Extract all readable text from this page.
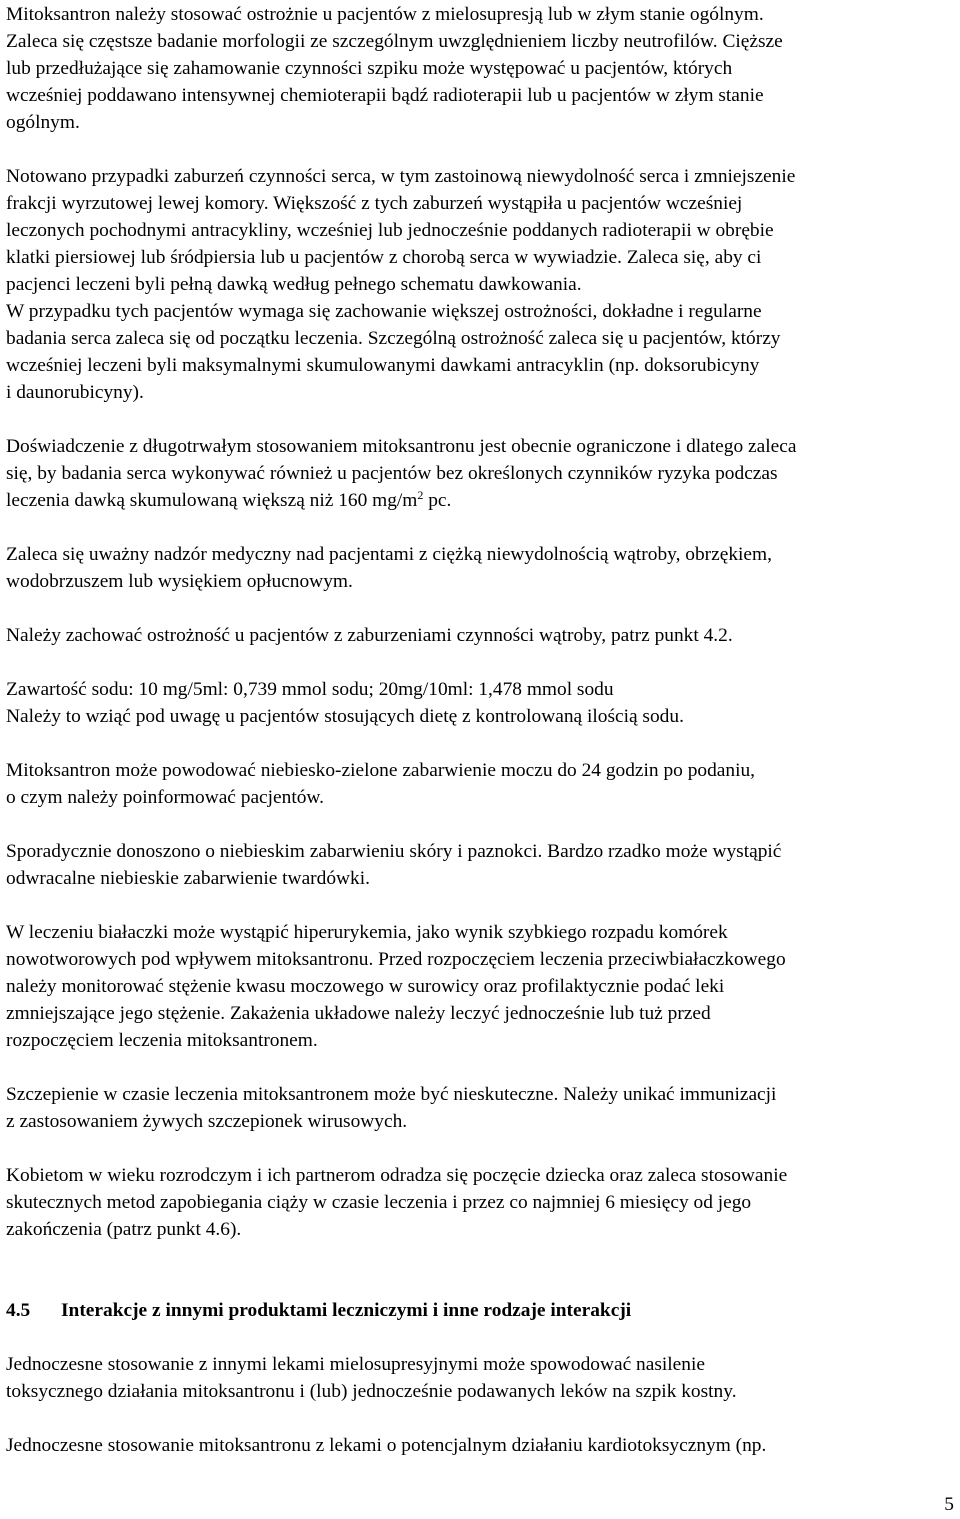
Mitoksantron należy stosować ostrożnie u pacjentów z mielosupresją lub w złym stanie ogólnym.
Zaleca się częstsze badanie morfologii ze szczególnym uwzględnieniem liczby neutrofilów. Cięższe
lub przedłużające się zahamowanie czynności szpiku może występować u pacjentów, których
wcześniej poddawano intensywnej chemioterapii bądź radioterapii lub u pacjentów w złym stanie
ogólnym.

Notowano przypadki zaburzeń czynności serca, w tym zastoinową niewydolność serca i zmniejszenie
frakcji wyrzutowej lewej komory. Większość z tych zaburzeń wystąpiła u pacjentów wcześniej
leczonych pochodnymi antracykliny, wcześniej lub jednocześnie poddanych radioterapii w obrębie
klatki piersiowej lub śródpiersia lub u pacjentów z chorobą serca w wywiadzie. Zaleca się, aby ci
pacjenci leczeni byli pełną dawką według pełnego schematu dawkowania.
W przypadku tych pacjentów wymaga się zachowanie większej ostrożności, dokładne i regularne
badania serca zaleca się od początku leczenia. Szczególną ostrożność zaleca się u pacjentów, którzy
wcześniej leczeni byli maksymalnymi skumulowanymi dawkami antracyklin (np. doksorubicyny
i daunorubicyny).

Doświadczenie z długotrwałym stosowaniem mitoksantronu jest obecnie ograniczone i dlatego zaleca
się, by badania serca wykonywać również u pacjentów bez określonych czynników ryzyka podczas
leczenia dawką skumulowaną większą niż 160 $mg/m^2$ pc.

Zaleca się uważny nadzór medyczny nad pacjentami z ciężką niewydolnością wątroby, obrzękiem,
wodobrzuszem lub wysiękiem opłucnowym.

Należy zachować ostrożność u pacjentów z zaburzeniami czynności wątroby, patrz punkt 4.2.

Zawartość sodu: 10 mg/5ml: 0,739 mmol sodu; 20mg/10ml: 1,478 mmol sodu
Należy to wziąć pod uwagę u pacjentów stosujących dietę z kontrolowaną ilością sodu.

Mitoksantron może powodować niebiesko-zielone zabarwienie moczu do 24 godzin po podaniu,
o czym należy poinformować pacjentów.

Sporadycznie donoszono o niebieskim zabarwieniu skóry i paznokci. Bardzo rzadko może wystąpić
odwracalne niebieskie zabarwienie twardówki.

W leczeniu białaczki może wystąpić hiperurykemia, jako wynik szybkiego rozpadu komórek
nowotworowych pod wpływem mitoksantronu. Przed rozpoczęciem leczenia przeciwbiałaczkowego
należy monitorować stężenie kwasu moczowego w surowicy oraz profilaktycznie podać leki
zmniejszające jego stężenie. Zakażenia układowe należy leczyć jednocześnie lub tuż przed
rozpoczęciem leczenia mitoksantronem.

Szczepienie w czasie leczenia mitoksantronem może być nieskuteczne. Należy unikać immunizacji
z zastosowaniem żywych szczepionek wirusowych.

Kobietom w wieku rozrodczym i ich partnerom odradza się poczęcie dziecka oraz zaleca stosowanie
skutecznych metod zapobiegania ciąży w czasie leczenia i przez co najmniej 6 miesięcy od jego
zakończenia (patrz punkt 4.6).

4.5 Interakcje z innymi produktami leczniczymi i inne rodzaje interakcji

Jednoczesne stosowanie z innymi lekami mielosupresyjnymi może spowodować nasilenie
toksycznego działania mitoksantronu i (lub) jednocześnie podawanych leków na szpik kostny.

Jednoczesne stosowanie mitoksantronu z lekami o potencjalnym działaniu kardiotoksycznym (np.

5
